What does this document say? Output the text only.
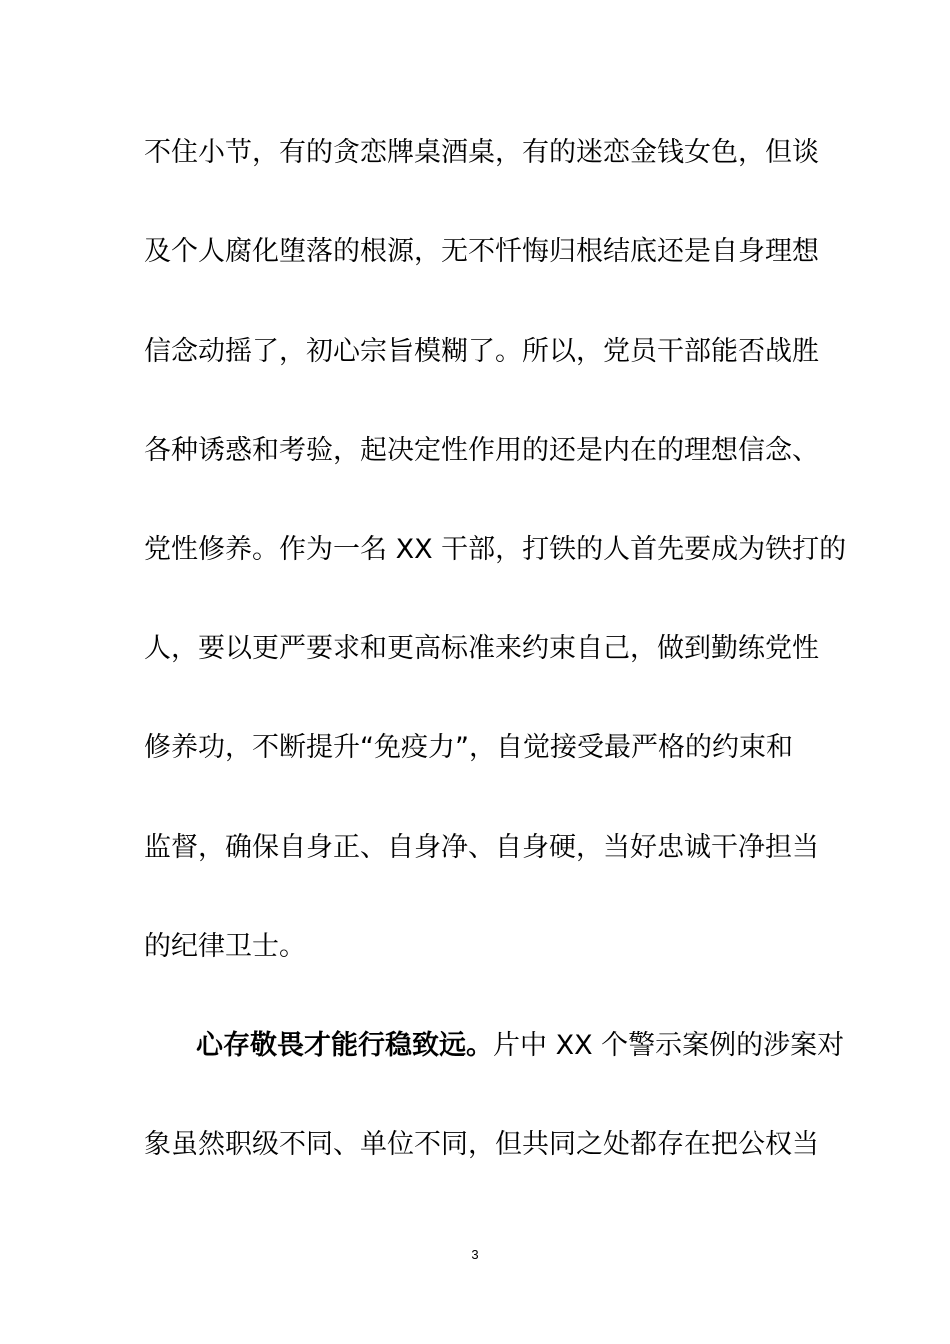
不住小节，有的贪恋牌桌酒桌，有的迷恋金钱女色，但谈
及个人腐化堕落的根源，无不忏悔归根结底还是自身理想
信念动摇了，初心宗旨模糊了。所以，党员干部能否战胜
各种诱惑和考验，起决定性作用的还是内在的理想信念、
党性修养。作为一名 XX 干部，打铁的人首先要成为铁打的
人，要以更严要求和更高标准来约束自己，做到勤练党性
修养功，不断提升“免疫力”，自觉接受最严格的约束和
监督，确保自身正、自身净、自身硬，当好忠诚干净担当
的纪律卫士。
心存敬畏才能行稳致远。片中 XX 个警示案例的涉案对
象虽然职级不同、单位不同，但共同之处都存在把公权当
3
